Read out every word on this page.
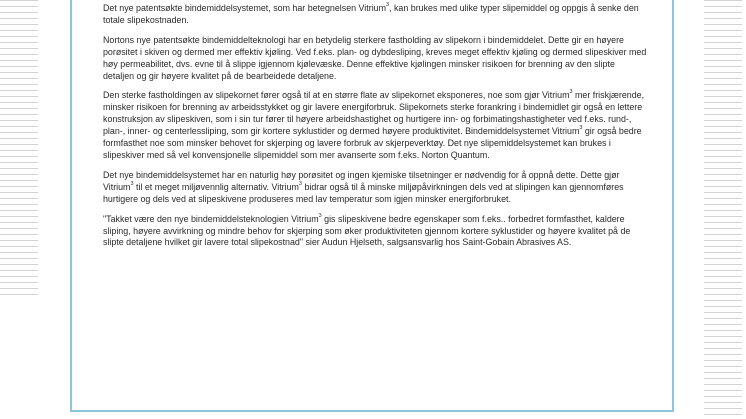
Det nye patentsøkte bindemiddelsystemet, som har betegnelsen Vitrium$^3$, kan brukes med ulike typer slipemiddel og oppgis å senke den totale slipekostnaden.

Nortons nye patentsøkte bindemiddelteknologi har en betydelig sterkere fastholding av slipekorn i bindemiddelet. Dette gir en høyere porøsitet i skiven og dermed mer effektiv kjøling. Ved f.eks. plan- og dybdesliping, kreves meget effektiv kjøling og dermed slipeskiver med høy permeabilitet, dvs. evne til å slippe igjennom kjølevæske. Denne effektive kjølingen minsker risikoen for brenning av den slipte detaljen og gir høyere kvalitet på de bearbeidede detaljene.

Den sterke fastholdingen av slipekornet fører også til at en større flate av slipekornet eksponeres, noe som gjør Vitrium$^3$ mer friskjærende, minsker risikoen for brenning av arbeidsstykket og gir lavere energiforbruk. Slipekornets sterke forankring i bindemidlet gir også en lettere konstruksjon av slipeskiven, som i sin tur fører til høyere arbeidshastighet og hurtigere inn- og forbimatingshastigheter ved f.eks. rund-, plan-, inner- og centerlessliping, som gir kortere syklustider og dermed høyere produktivitet. Bindemiddelsystemet Vitrium$^3$ gir også bedre formfasthet noe som minsker behovet for skjerping og lavere forbruk av skjerpeverktøy. Det nye slipemiddelsystemet kan brukes i slipeskiver med så vel konvensjonelle slipemiddel som mer avanserte som f.eks. Norton Quantum.

Det nye bindemiddelsystemet har en naturlig høy porøsitet og ingen kjemiske tilsetninger er nødvendig for å oppnå dette. Dette gjør Vitrium$^3$ til et meget miljøvennlig alternativ. Vitrium$^3$ bidrar også til å minske miljøpåvirkningen dels ved at slipingen kan gjennomføres hurtigere og dels ved at slipeskivene produseres med lav temperatur som igjen minsker energiforbruket.

"Takket være den nye bindemiddelsteknologien Vitrium$^3$ gis slipeskivene bedre egenskaper som f.eks.. forbedret formfasthet, kaldere sliping, høyere avvirkning og mindre behov for skjerping som øker produktiviteten gjennom kortere syklustider og høyere kvalitet på de slipte detaljene hvilket gir lavere total slipekostnad" sier Audun Hjelseth, salgsansvarlig hos Saint-Gobain Abrasives AS.
